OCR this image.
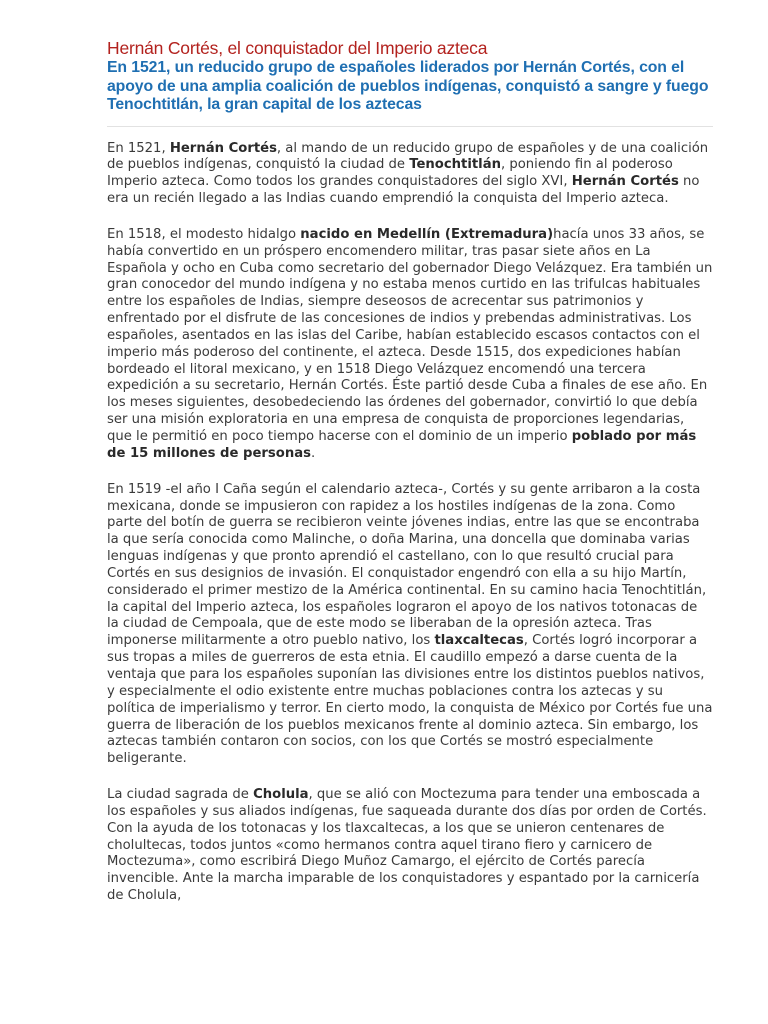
Hernán Cortés, el conquistador del Imperio azteca
En 1521, un reducido grupo de españoles liderados por Hernán Cortés, con el apoyo de una amplia coalición de pueblos indígenas, conquistó a sangre y fuego Tenochtitlán, la gran capital de los aztecas

En 1521, Hernán Cortés, al mando de un reducido grupo de españoles y de una coalición de pueblos indígenas, conquistó la ciudad de Tenochtitlán, poniendo fin al poderoso Imperio azteca. Como todos los grandes conquistadores del siglo XVI, Hernán Cortés no era un recién llegado a las Indias cuando emprendió la conquista del Imperio azteca.

En 1518, el modesto hidalgo nacido en Medellín (Extremadura)hacía unos 33 años, se había convertido en un próspero encomendero militar, tras pasar siete años en La Española y ocho en Cuba como secretario del gobernador Diego Velázquez. Era también un gran conocedor del mundo indígena y no estaba menos curtido en las trifulcas habituales entre los españoles de Indias, siempre deseosos de acrecentar sus patrimonios y enfrentado por el disfrute de las concesiones de indios y prebendas administrativas. Los españoles, asentados en las islas del Caribe, habían establecido escasos contactos con el imperio más poderoso del continente, el azteca. Desde 1515, dos expediciones habían bordeado el litoral mexicano, y en 1518 Diego Velázquez encomendó una tercera expedición a su secretario, Hernán Cortés. Éste partió desde Cuba a finales de ese año. En los meses siguientes, desobedeciendo las órdenes del gobernador, convirtió lo que debía ser una misión exploratoria en una empresa de conquista de proporciones legendarias, que le permitió en poco tiempo hacerse con el dominio de un imperio poblado por más de 15 millones de personas.

En 1519 -el año I Caña según el calendario azteca-, Cortés y su gente arribaron a la costa mexicana, donde se impusieron con rapidez a los hostiles indígenas de la zona. Como parte del botín de guerra se recibieron veinte jóvenes indias, entre las que se encontraba la que sería conocida como Malinche, o doña Marina, una doncella que dominaba varias lenguas indígenas y que pronto aprendió el castellano, con lo que resultó crucial para Cortés en sus designios de invasión. El conquistador engendró con ella a su hijo Martín, considerado el primer mestizo de la América continental. En su camino hacia Tenochtitlán, la capital del Imperio azteca, los españoles lograron el apoyo de los nativos totonacas de la ciudad de Cempoala, que de este modo se liberaban de la opresión azteca. Tras imponerse militarmente a otro pueblo nativo, los tlaxcaltecas, Cortés logró incorporar a sus tropas a miles de guerreros de esta etnia. El caudillo empezó a darse cuenta de la ventaja que para los españoles suponían las divisiones entre los distintos pueblos nativos, y especialmente el odio existente entre muchas poblaciones contra los aztecas y su política de imperialismo y terror. En cierto modo, la conquista de México por Cortés fue una guerra de liberación de los pueblos mexicanos frente al dominio azteca. Sin embargo, los aztecas también contaron con socios, con los que Cortés se mostró especialmente beligerante.

La ciudad sagrada de Cholula, que se alió con Moctezuma para tender una emboscada a los españoles y sus aliados indígenas, fue saqueada durante dos días por orden de Cortés. Con la ayuda de los totonacas y los tlaxcaltecas, a los que se unieron centenares de cholultecas, todos juntos «como hermanos contra aquel tirano fiero y carnicero de Moctezuma», como escribirá Diego Muñoz Camargo, el ejército de Cortés parecía invencible. Ante la marcha imparable de los conquistadores y espantado por la carnicería de Cholula,
